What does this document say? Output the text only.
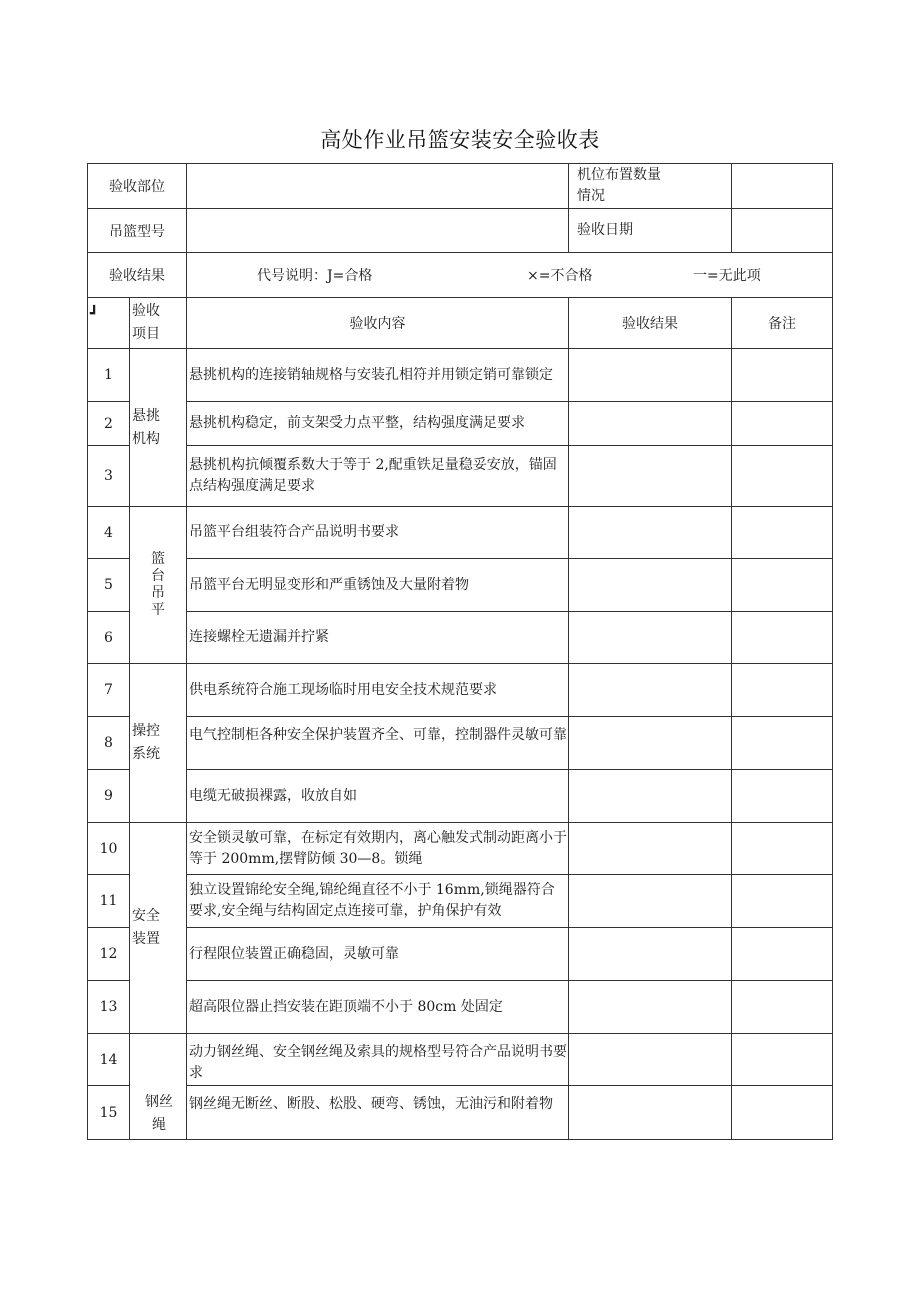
高处作业吊篮安装安全验收表
验收部位			机位布置数量情况	

吊篮型号			验收日期	
验收结果		代号说明：J=合格 ×=不合格 一=无此项		

┛	验收项目	验收内容	验收结果	备注
1	悬挑机构	悬挑机构的连接销轴规格与安装孔相符并用锁定销可靠锁定		
2		悬挑机构稳定，前支架受力点平整，结构强度满足要求		
3		悬挑机构抗倾覆系数大于等于 2,配重铁足量稳妥安放，锚固点结构强度满足要求		
4	篮台吊平	吊篮平台组装符合产品说明书要求		
5		吊篮平台无明显变形和严重锈蚀及大量附着物		
6		连接螺栓无遗漏并拧紧		
7	操控系统	供电系统符合施工现场临时用电安全技术规范要求		
8		电气控制柜各种安全保护装置齐全、可靠，控制器件灵敏可靠		
9		电缆无破损裸露，收放自如		
10	安全装置	安全锁灵敏可靠，在标定有效期内，离心触发式制动距离小于等于 200mm,摆臂防倾 30—8。锁绳		
11		独立设置锦纶安全绳,锦纶绳直径不小于 16mm,锁绳器符合要求,安全绳与结构固定点连接可靠，护角保护有效		
12		行程限位装置正确稳固，灵敏可靠		
13		超高限位器止挡安装在距顶端不小于 80cm 处固定		
14	钢丝绳	动力钢丝绳、安全钢丝绳及索具的规格型号符合产品说明书要求		
15		钢丝绳无断丝、断股、松股、硬弯、锈蚀，无油污和附着物		
